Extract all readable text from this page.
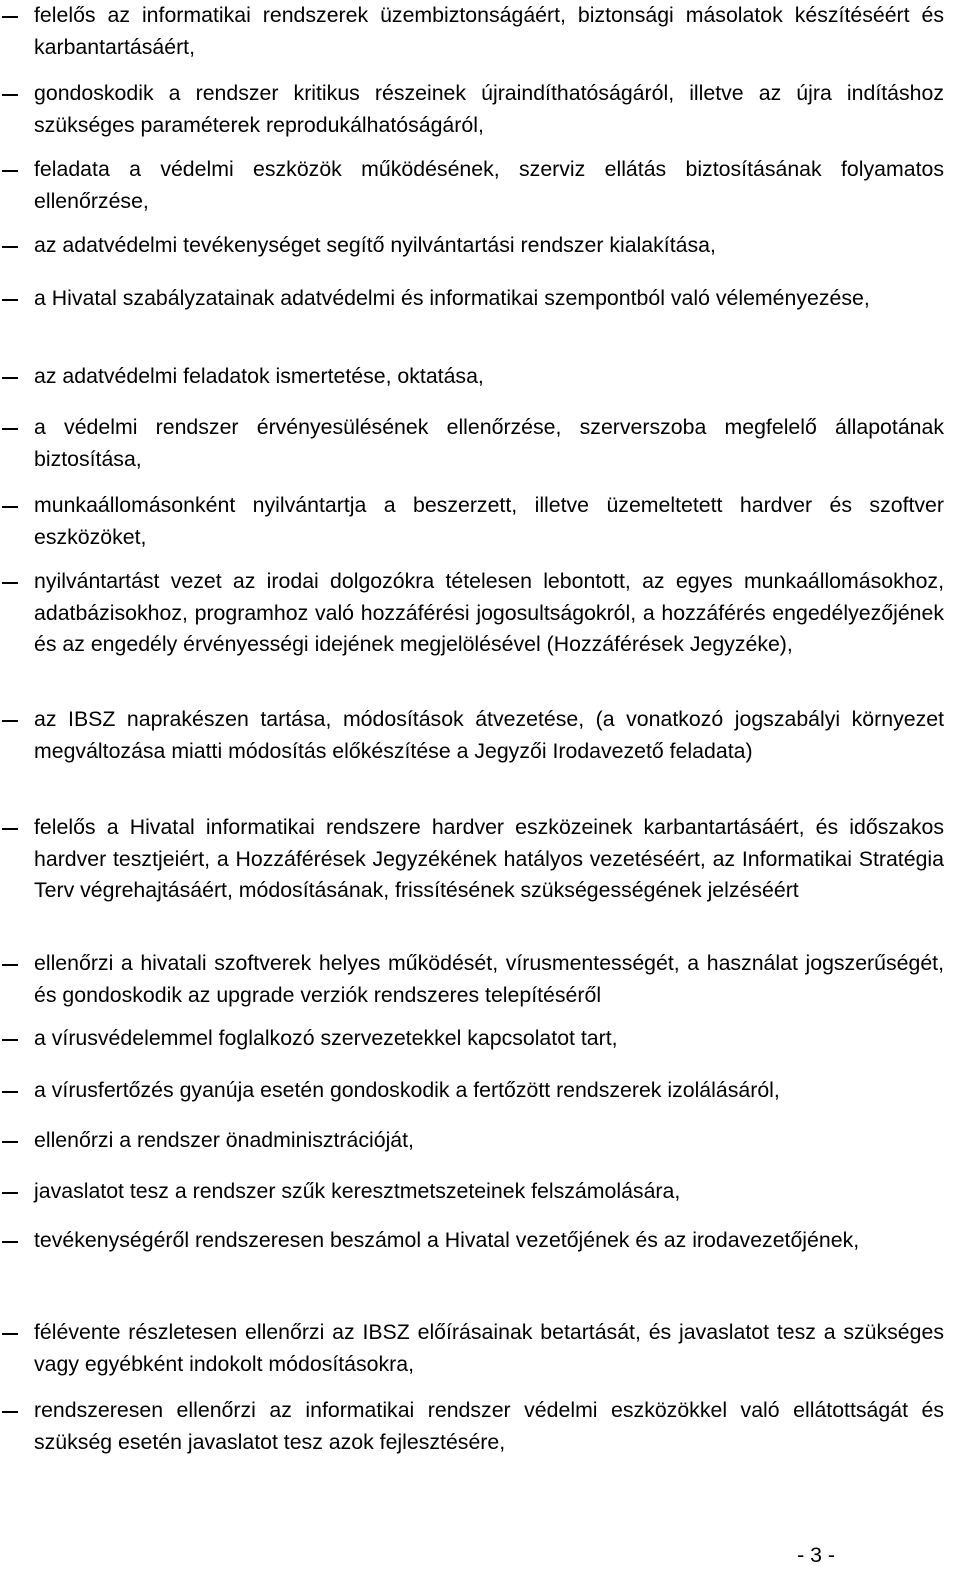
felelős az informatikai rendszerek üzembiztonságáért, biztonsági másolatok készítéséért és karbantartásáért,
gondoskodik a rendszer kritikus részeinek újraindíthatóságáról, illetve az újra indításhoz szükséges paraméterek reprodukálhatóságáról,
feladata a védelmi eszközök működésének, szerviz ellátás biztosításának folyamatos ellenőrzése,
az adatvédelmi tevékenységet segítő nyilvántartási rendszer kialakítása,
a Hivatal szabályzatainak adatvédelmi és informatikai szempontból való véleményezése,
az adatvédelmi feladatok ismertetése, oktatása,
a védelmi rendszer érvényesülésének ellenőrzése, szerverszoba megfelelő állapotának biztosítása,
munkaállomásonként nyilvántartja a beszerzett, illetve üzemeltetett hardver és szoftver eszközöket,
nyilvántartást vezet az irodai dolgozókra tételesen lebontott, az egyes munkaállomásokhoz, adatbázisokhoz, programhoz való hozzáférési jogosultságokról, a hozzáférés engedélyezőjének és az engedély érvényességi idejének megjelölésével (Hozzáférések Jegyzéke),
az IBSZ naprakészen tartása, módosítások átvezetése, (a vonatkozó jogszabályi környezet megváltozása miatti módosítás előkészítése a Jegyzői Irodavezető feladata)
felelős a Hivatal informatikai rendszere hardver eszközeinek karbantartásáért, és időszakos hardver tesztjeiért, a Hozzáférések Jegyzékének hatályos vezetéséért, az Informatikai Stratégia Terv végrehajtásáért, módosításának, frissítésének szükségességének jelzéséért
ellenőrzi a hivatali szoftverek helyes működését, vírusmentességét, a használat jogszerűségét, és gondoskodik az upgrade verziók rendszeres telepítéséről
a vírusvédelemmel foglalkozó szervezetekkel kapcsolatot tart,
a vírusfertőzés gyanúja esetén gondoskodik a fertőzött rendszerek izolálásáról,
ellenőrzi a rendszer önadminisztrációját,
javaslatot tesz a rendszer szűk keresztmetszeteinek felszámolására,
tevékenységéről rendszeresen beszámol a Hivatal vezetőjének és az irodavezetőjének,
félévente részletesen ellenőrzi az IBSZ előírásainak betartását, és javaslatot tesz a szükséges vagy egyébként indokolt módosításokra,
rendszeresen ellenőrzi az informatikai rendszer védelmi eszközökkel való ellátottságát és szükség esetén javaslatot tesz azok fejlesztésére,
- 3 -
